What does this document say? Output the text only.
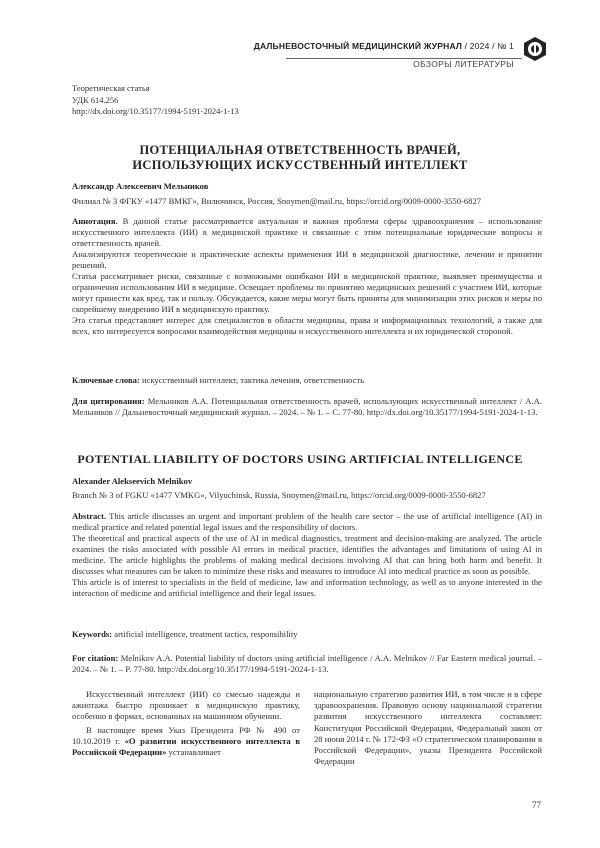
ДАЛЬНЕВОСТОЧНЫЙ МЕДИЦИНСКИЙ ЖУРНАЛ / 2024 / № 1
ОБЗОРЫ ЛИТЕРАТУРЫ
Теоретическая статья
УДК 614.256
http://dx.doi.org/10.35177/1994-5191-2024-1-13
ПОТЕНЦИАЛЬНАЯ ОТВЕТСТВЕННОСТЬ ВРАЧЕЙ,
ИСПОЛЬЗУЮЩИХ ИСКУССТВЕННЫЙ ИНТЕЛЛЕКТ
Александр Алексеевич Мельников
Филиал № 3 ФГКУ «1477 ВМКГ», Вилючинск, Россия, Snoymen@mail.ru, https://orcid.org/0009-0000-3550-6827
Аннотация. В данной статье рассматривается актуальная и важная проблема сферы здравоохранения – использование искусственного интеллекта (ИИ) в медицинской практике и связанные с этим потенциальные юридические вопросы и ответственность врачей.
Анализируются теоретические и практические аспекты применения ИИ в медицинской диагностике, лечении и принятии решений.
Статья рассматривает риски, связанные с возможными ошибками ИИ в медицинской практике, выявляет преимущества и ограничения использования ИИ в медицине. Освещает проблемы по принятию медицинских решений с участием ИИ, которые могут принести как вред, так и пользу. Обсуждается, какие меры могут быть приняты для минимизации этих рисков и меры по скорейшему внедрению ИИ в медицинскую практику.
Эта статья представляет интерес для специалистов в области медицины, права и информационных технологий, а также для всех, кто интересуется вопросами взаимодействия медицины и искусственного интеллекта и их юридической стороной.
Ключевые слова: искусственный интеллект, тактика лечения, ответственность
Для цитирования: Мельников А.А. Потенциальная ответственность врачей, использующих искусственный интеллект / А.А. Мельников // Дальневосточный медицинский журнал. – 2024. – № 1. – С. 77-80. http://dx.doi.org/10.35177/1994-5191-2024-1-13.
POTENTIAL LIABILITY OF DOCTORS USING ARTIFICIAL INTELLIGENCE
Alexander Alekseevich Melnikov
Branch № 3 of FGKU «1477 VMKG», Vilyuchinsk, Russia, Snoymen@mail.ru, https://orcid.org/0009-0000-3550-6827
Abstract. This article discusses an urgent and important problem of the health care sector – the use of artificial intelligence (AI) in medical practice and related potential legal issues and the responsibility of doctors.
The theoretical and practical aspects of the use of AI in medical diagnostics, treatment and decision-making are analyzed. The article examines the risks associated with possible AI errors in medical practice, identifies the advantages and limitations of using AI in medicine. The article highlights the problems of making medical decisions involving AI that can bring both harm and benefit. It discusses what measures can be taken to minimize these risks and measures to introduce AI into medical practice as soon as possible.
This article is of interest to specialists in the field of medicine, law and information technology, as well as to anyone interested in the interaction of medicine and artificial intelligence and their legal issues.
Keywords: artificial intelligence, treatment tactics, responsibility
For citation: Melnikov A.A. Potential liability of doctors using artificial intelligence / A.A. Melnikov // Far Eastern medical journal. – 2024. – № 1. – P. 77-80. http://dx.doi.org/10.35177/1994-5191-2024-1-13.

Искусственный интеллект (ИИ) со смесью надежды и ажиотажа быстро проникает в медицинскую практику, особенно в формах, основанных на машинном обучении.

В настоящее время Указ Президента РФ № 490 от 10.10.2019 г. «О развитии искусственного интеллекта в Российской Федерации» устанавливает

национальную стратегию развития ИИ, в том числе и в сфере здравоохранения. Правовую основу национальной стратегии развития искусственного интеллекта составляет: Конституция Российской Федерации, Федеральный закон от 28 июня 2014 г. № 172-ФЗ «О стратегическом планировании в Российской Федерации», указы Президента Российской Федерации

77
